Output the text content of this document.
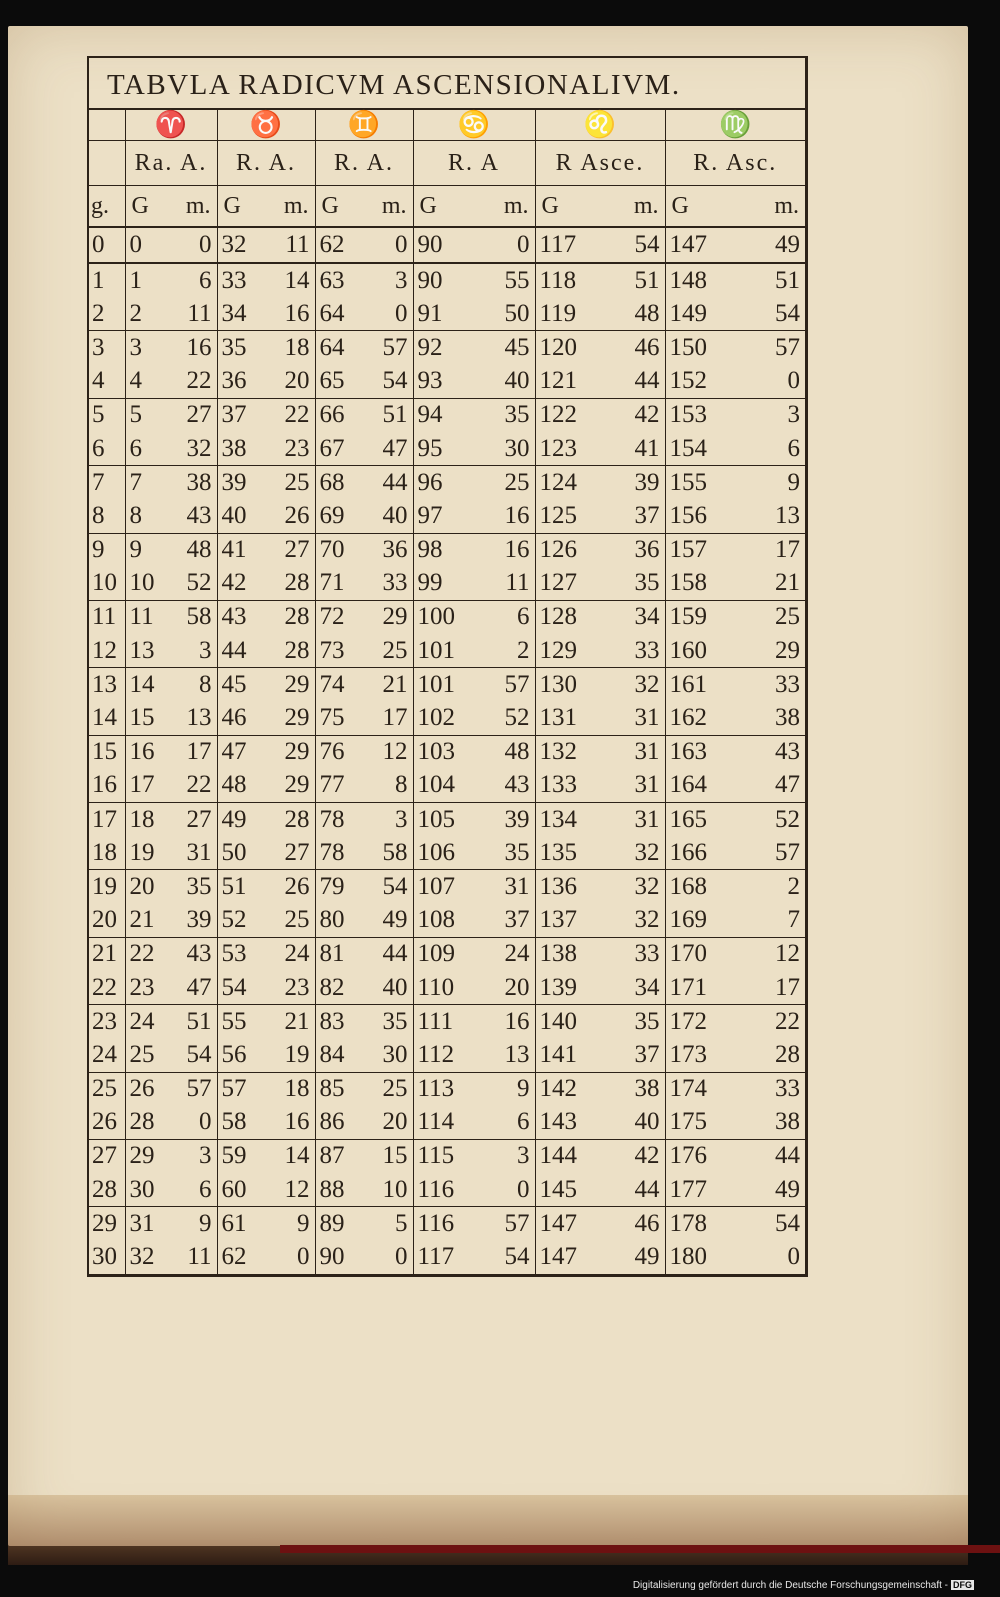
TABVLA RADICVM ASCENSIONALIVM.
	♈	♉	♊	♋	♌	♍
	Ra. A.	R. A.	R. A.	R. A	R Asce.	R. Asc.
g.	G m.	G m.	G m.	G m.	G m.	G m.

0	0 0	32 11	62 0	90 0	117 54	147 49

1	1 6	33 14	63 3	90 55	118 51	148 51

2	2 11	34 16	64 0	91 50	119 48	149 54

3	3 16	35 18	64 57	92 45	120 46	150 57

4	4 22	36 20	65 54	93 40	121 44	152 0

5	5 27	37 22	66 51	94 35	122 42	153 3

6	6 32	38 23	67 47	95 30	123 41	154 6

7	7 38	39 25	68 44	96 25	124 39	155 9

8	8 43	40 26	69 40	97 16	125 37	156 13

9	9 48	41 27	70 36	98 16	126 36	157 17

10	10 52	42 28	71 33	99 11	127 35	158 21

11	11 58	43 28	72 29	100 6	128 34	159 25

12	13 3	44 28	73 25	101 2	129 33	160 29

13	14 8	45 29	74 21	101 57	130 32	161 33

14	15 13	46 29	75 17	102 52	131 31	162 38

15	16 17	47 29	76 12	103 48	132 31	163 43

16	17 22	48 29	77 8	104 43	133 31	164 47

17	18 27	49 28	78 3	105 39	134 31	165 52

18	19 31	50 27	78 58	106 35	135 32	166 57

19	20 35	51 26	79 54	107 31	136 32	168 2

20	21 39	52 25	80 49	108 37	137 32	169 7

21	22 43	53 24	81 44	109 24	138 33	170 12

22	23 47	54 23	82 40	110 20	139 34	171 17

23	24 51	55 21	83 35	111 16	140 35	172 22

24	25 54	56 19	84 30	112 13	141 37	173 28

25	26 57	57 18	85 25	113 9	142 38	174 33

26	28 0	58 16	86 20	114 6	143 40	175 38

27	29 3	59 14	87 15	115 3	144 42	176 44

28	30 6	60 12	88 10	116 0	145 44	177 49

29	31 9	61 9	89 5	116 57	147 46	178 54

30	32 11	62 0	90 0	117 54	147 49	180 0
Digitalisierung gefördert durch die Deutsche Forschungsgemeinschaft - DFG
